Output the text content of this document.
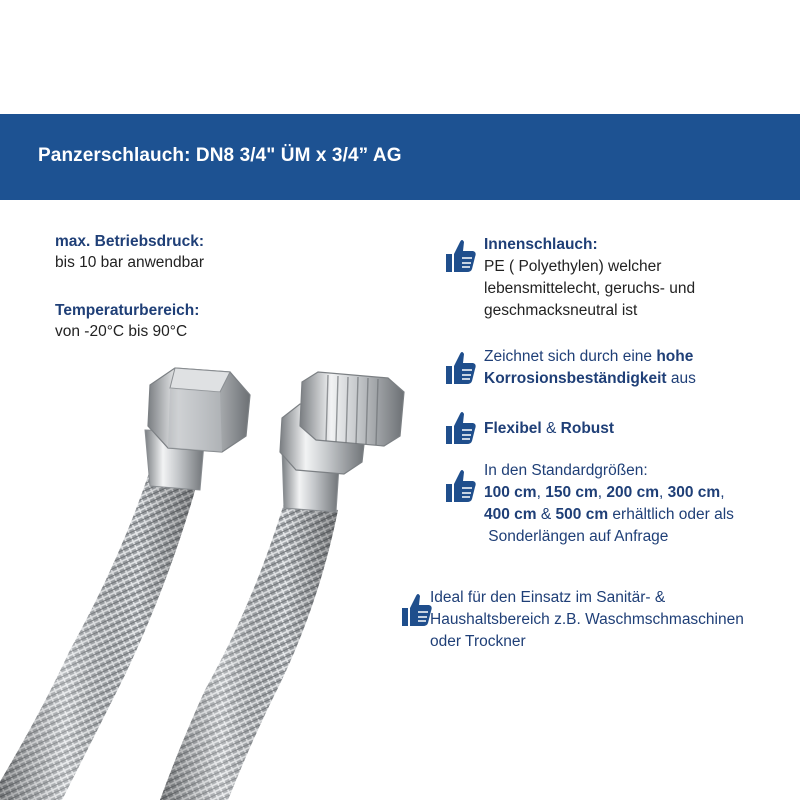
Panzerschlauch: DN8 3/4" ÜM x 3/4” AG
max. Betriebsdruck:
bis 10 bar anwendbar
Temperaturbereich:
von -20°C bis 90°C
Innenschlauch:
PE ( Polyethylen) welcher
lebensmittelecht, geruchs- und
geschmacksneutral ist
Zeichnet sich durch eine hohe
Korrosionsbeständigkeit aus
Flexibel & Robust
In den Standardgrößen:
100 cm, 150 cm, 200 cm, 300 cm,
400 cm & 500 cm erhältlich oder als
Sonderlängen auf Anfrage
Ideal für den Einsatz im Sanitär- &
Haushaltsbereich z.B. Waschmschmaschinen
oder Trockner
